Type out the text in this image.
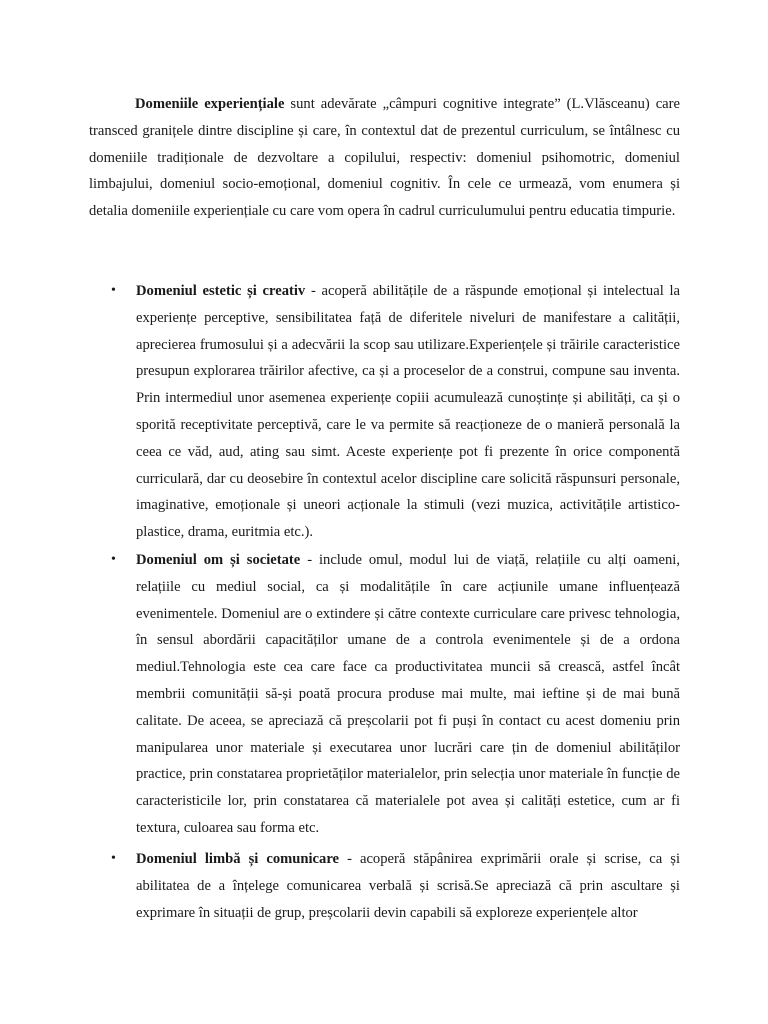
Domeniile experiențiale sunt adevărate „câmpuri cognitive integrate” (L.Vlăsceanu) care transced granițele dintre discipline și care, în contextul dat de prezentul curriculum, se întâlnesc cu domeniile tradiționale de dezvoltare a copilului, respectiv: domeniul psihomotric, domeniul limbajului, domeniul socio-emoțional, domeniul cognitiv. În cele ce urmează, vom enumera și detalia domeniile experiențiale cu care vom opera în cadrul curriculumului pentru educatia timpurie.

• Domeniul estetic și creativ - acoperă abilitățile de a răspunde emoțional și intelectual la experiențe perceptive, sensibilitatea față de diferitele niveluri de manifestare a calității, aprecierea frumosului și a adecvării la scop sau utilizare.Experiențele și trăirile caracteristice presupun explorarea trăirilor afective, ca și a proceselor de a construi, compune sau inventa. Prin intermediul unor asemenea experiențe copiii acumulează cunoștințe și abilități, ca și o sporită receptivitate perceptivă, care le va permite să reacționeze de o manieră personală la ceea ce văd, aud, ating sau simt. Aceste experiențe pot fi prezente în orice componentă curriculară, dar cu deosebire în contextul acelor discipline care solicită răspunsuri personale, imaginative, emoționale și uneori acționale la stimuli (vezi muzica, activitățile artistico-plastice, drama, euritmia etc.).
• Domeniul om și societate - include omul, modul lui de viață, relațiile cu alți oameni, relațiile cu mediul social, ca și modalitățile în care acțiunile umane influențează evenimentele. Domeniul are o extindere și către contexte curriculare care privesc tehnologia, în sensul abordării capacităților umane de a controla evenimentele și de a ordona mediul.Tehnologia este cea care face ca productivitatea muncii să crească, astfel încât membrii comunității să-și poată procura produse mai multe, mai ieftine și de mai bună calitate. De aceea, se apreciază că preșcolarii pot fi puși în contact cu acest domeniu prin manipularea unor materiale și executarea unor lucrări care țin de domeniul abilităților practice, prin constatarea proprietăților materialelor, prin selecția unor materiale în funcție de caracteristicile lor, prin constatarea că materialele pot avea și calități estetice, cum ar fi textura, culoarea sau forma etc.
• Domeniul limbă și comunicare - acoperă stăpânirea exprimării orale și scrise, ca și abilitatea de a înțelege comunicarea verbală și scrisă.Se apreciază că prin ascultare și exprimare în situații de grup, preșcolarii devin capabili să exploreze experiențele altor
